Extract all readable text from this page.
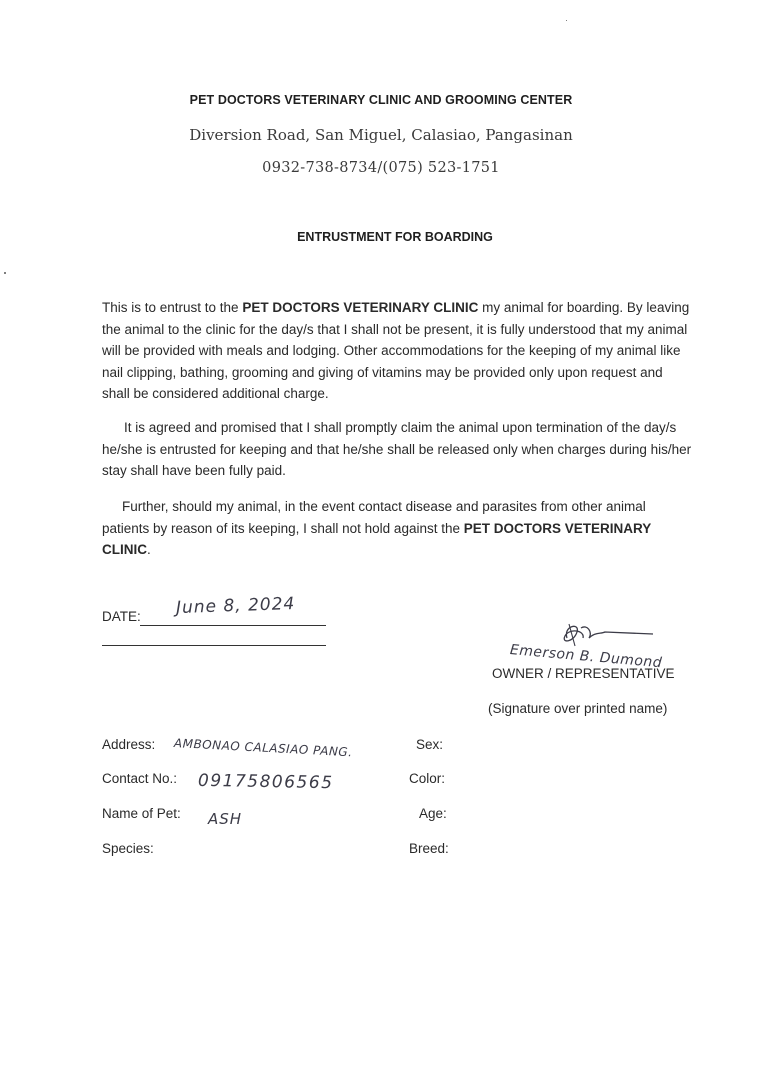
PET DOCTORS VETERINARY CLINIC AND GROOMING CENTER
Diversion Road, San Miguel, Calasiao, Pangasinan
0932-738-8734/(075) 523-1751
ENTRUSTMENT FOR BOARDING
This is to entrust to the PET DOCTORS VETERINARY CLINIC my animal for boarding. By leaving the animal to the clinic for the day/s that I shall not be present, it is fully understood that my animal will be provided with meals and lodging. Other accommodations for the keeping of my animal like nail clipping, bathing, grooming and giving of vitamins may be provided only upon request and shall be considered additional charge.
It is agreed and promised that I shall promptly claim the animal upon termination of the day/s he/she is entrusted for keeping and that he/she shall be released only when charges during his/her stay shall have been fully paid.
Further, should my animal, in the event contact disease and parasites from other animal patients by reason of its keeping, I shall not hold against the PET DOCTORS VETERINARY CLINIC.
DATE: June 8, 2024
Emerson B. Dumond
OWNER / REPRESENTATIVE
(Signature over printed name)
Address: AMBONAO CALASIAO PANG.	Sex:
Contact No.: 09175806565	Color:
Name of Pet: ASH	Age:
Species:	Breed:
